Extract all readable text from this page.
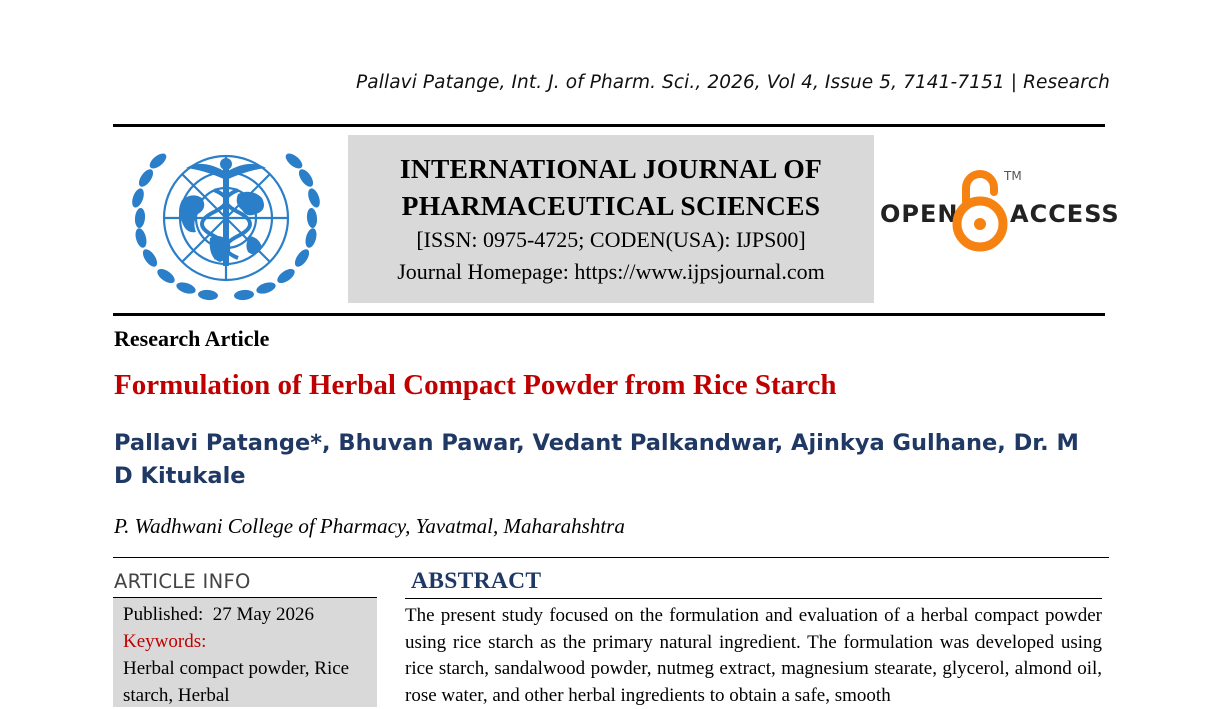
Pallavi Patange, Int. J. of Pharm. Sci., 2026, Vol 4, Issue 5, 7141-7151 | Research
INTERNATIONAL JOURNAL OF
PHARMACEUTICAL SCIENCES
[ISSN: 0975-4725; CODEN(USA): IJPS00]
Journal Homepage: https://www.ijpsjournal.com
OPEN
TM
ACCESS
Research Article
Formulation of Herbal Compact Powder from Rice Starch
Pallavi Patange*, Bhuvan Pawar, Vedant Palkandwar, Ajinkya Gulhane, Dr. M D Kitukale
P. Wadhwani College of Pharmacy, Yavatmal, Maharahshtra
ARTICLE INFO
Published: 27 May 2026
Keywords:
Herbal compact powder, Rice starch, Herbal
ABSTRACT
The present study focused on the formulation and evaluation of a herbal compact powder using rice starch as the primary natural ingredient. The formulation was developed using rice starch, sandalwood powder, nutmeg extract, magnesium stearate, glycerol, almond oil, rose water, and other herbal ingredients to obtain a safe, smooth
